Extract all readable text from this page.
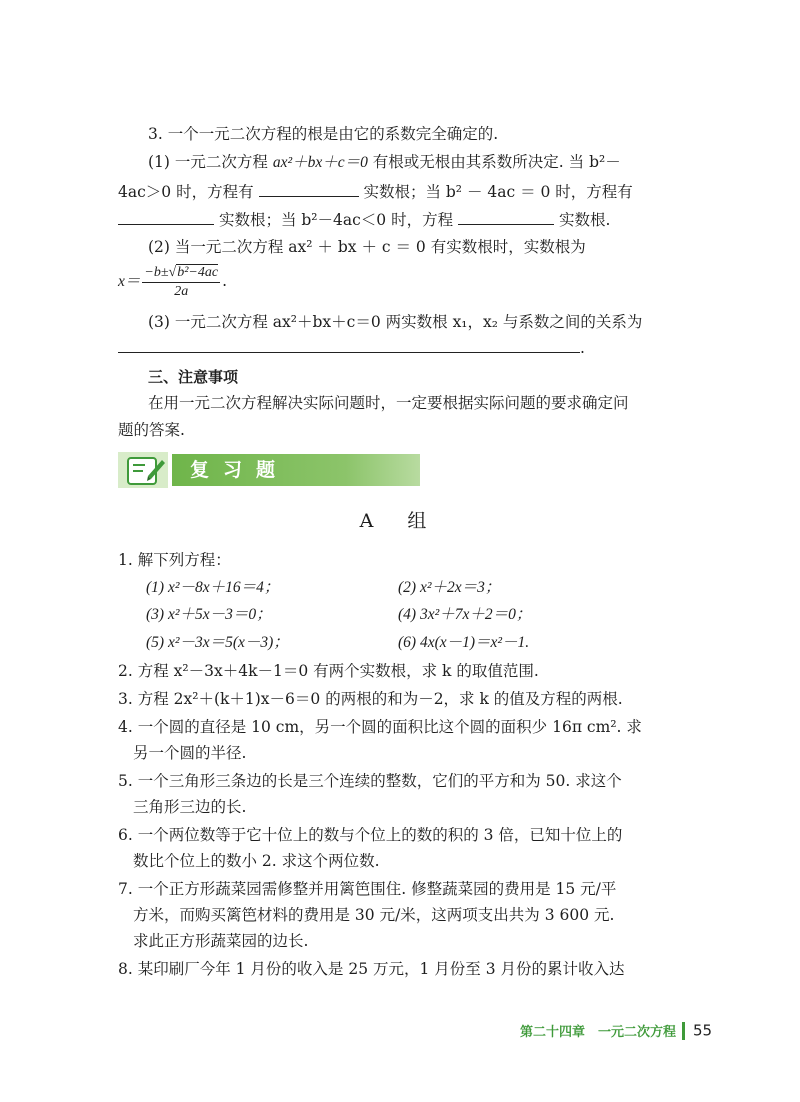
3. 一个一元二次方程的根是由它的系数完全确定的.
(1) 一元二次方程 ax²＋bx＋c＝0 有根或无根由其系数所决定. 当 b²－
4ac＞0 时，方程有	实数根；当 b² － 4ac ＝ 0 时，方程有
实数根；当 b²－4ac＜0 时，方程	实数根.
(2) 当一元二次方程 ax² ＋ bx ＋ c ＝ 0 有实数根时，实数根为
$x= \frac{\text{−b±√b²−4ac}}{2a}$ .
(3) 一元二次方程 ax²＋bx＋c＝0 两实数根 x₁，x₂ 与系数之间的关系为
.
三、注意事项
在用一元二次方程解决实际问题时，一定要根据实际问题的要求确定问
题的答案.
复习题
A 组
1. 解下列方程：
(1) x²－8x＋16＝4；	(2) x²＋2x＝3；
(3) x²＋5x－3＝0；	(4) 3x²＋7x＋2＝0；
(5) x²－3x＝5(x－3)；	(6) 4x(x－1)＝x²－1.
2. 方程 x²－3x＋4k－1＝0 有两个实数根，求 k 的取值范围.
3. 方程 2x²＋(k＋1)x－6＝0 的两根的和为－2，求 k 的值及方程的两根.
4. 一个圆的直径是 10 cm，另一个圆的面积比这个圆的面积少 16π cm². 求
另一个圆的半径.
5. 一个三角形三条边的长是三个连续的整数，它们的平方和为 50. 求这个
三角形三边的长.
6. 一个两位数等于它十位上的数与个位上的数的积的 3 倍，已知十位上的
数比个位上的数小 2. 求这个两位数.
7. 一个正方形蔬菜园需修整并用篱笆围住. 修整蔬菜园的费用是 15 元/平
方米，而购买篱笆材料的费用是 30 元/米，这两项支出共为 3 600 元.
求此正方形蔬菜园的边长.
8. 某印刷厂今年 1 月份的收入是 25 万元，1 月份至 3 月份的累计收入达
第二十四章　一元二次方程 55
